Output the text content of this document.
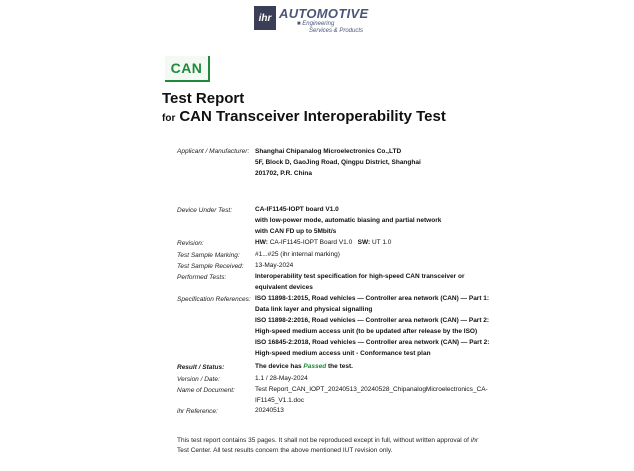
ihr AUTOMOTIVE
■ Engineering
Services & Products
CAN
Test Report
for CAN Transceiver Interoperability Test
Applicant / Manufacturer: Shanghai Chipanalog Microelectronics Co.,LTD
5F, Block D, GaoJing Road, Qingpu District, Shanghai
201702, P.R. China
Device Under Test:	CA-IF1145-IOPT board V1.0
with low-power mode, automatic biasing and partial network
with CAN FD up to 5Mbit/s
Revision:	HW: CA-IF1145-IOPT Board V1.0 SW: UT 1.0
Test Sample Marking: #1...#25 (ihr internal marking)
Test Sample Received: 13-May-2024
Performed Tests:	Interoperability test specification for high-speed CAN transceiver or
equivalent devices
Specification References: ISO 11898-1:2015, Road vehicles — Controller area network (CAN) — Part 1:
Data link layer and physical signalling
ISO 11898-2:2016, Road vehicles — Controller area network (CAN) — Part 2:
High-speed medium access unit (to be updated after release by the ISO)
ISO 16845-2:2018, Road vehicles — Controller area network (CAN) — Part 2:
High-speed medium access unit - Conformance test plan
Result / Status:	The device has Passed the test.
Version / Date:	1.1 / 28-May-2024
Name of Document:	Test Report_CAN_IOPT_20240513_20240528_ChipanalogMicroelectronics_CA-
IF1145_V1.1.doc
ihr Reference:	20240513
This test report contains 35 pages. It shall not be reproduced except in full, without written approval of ihr
Test Center. All test results concern the above mentioned IUT revision only.
